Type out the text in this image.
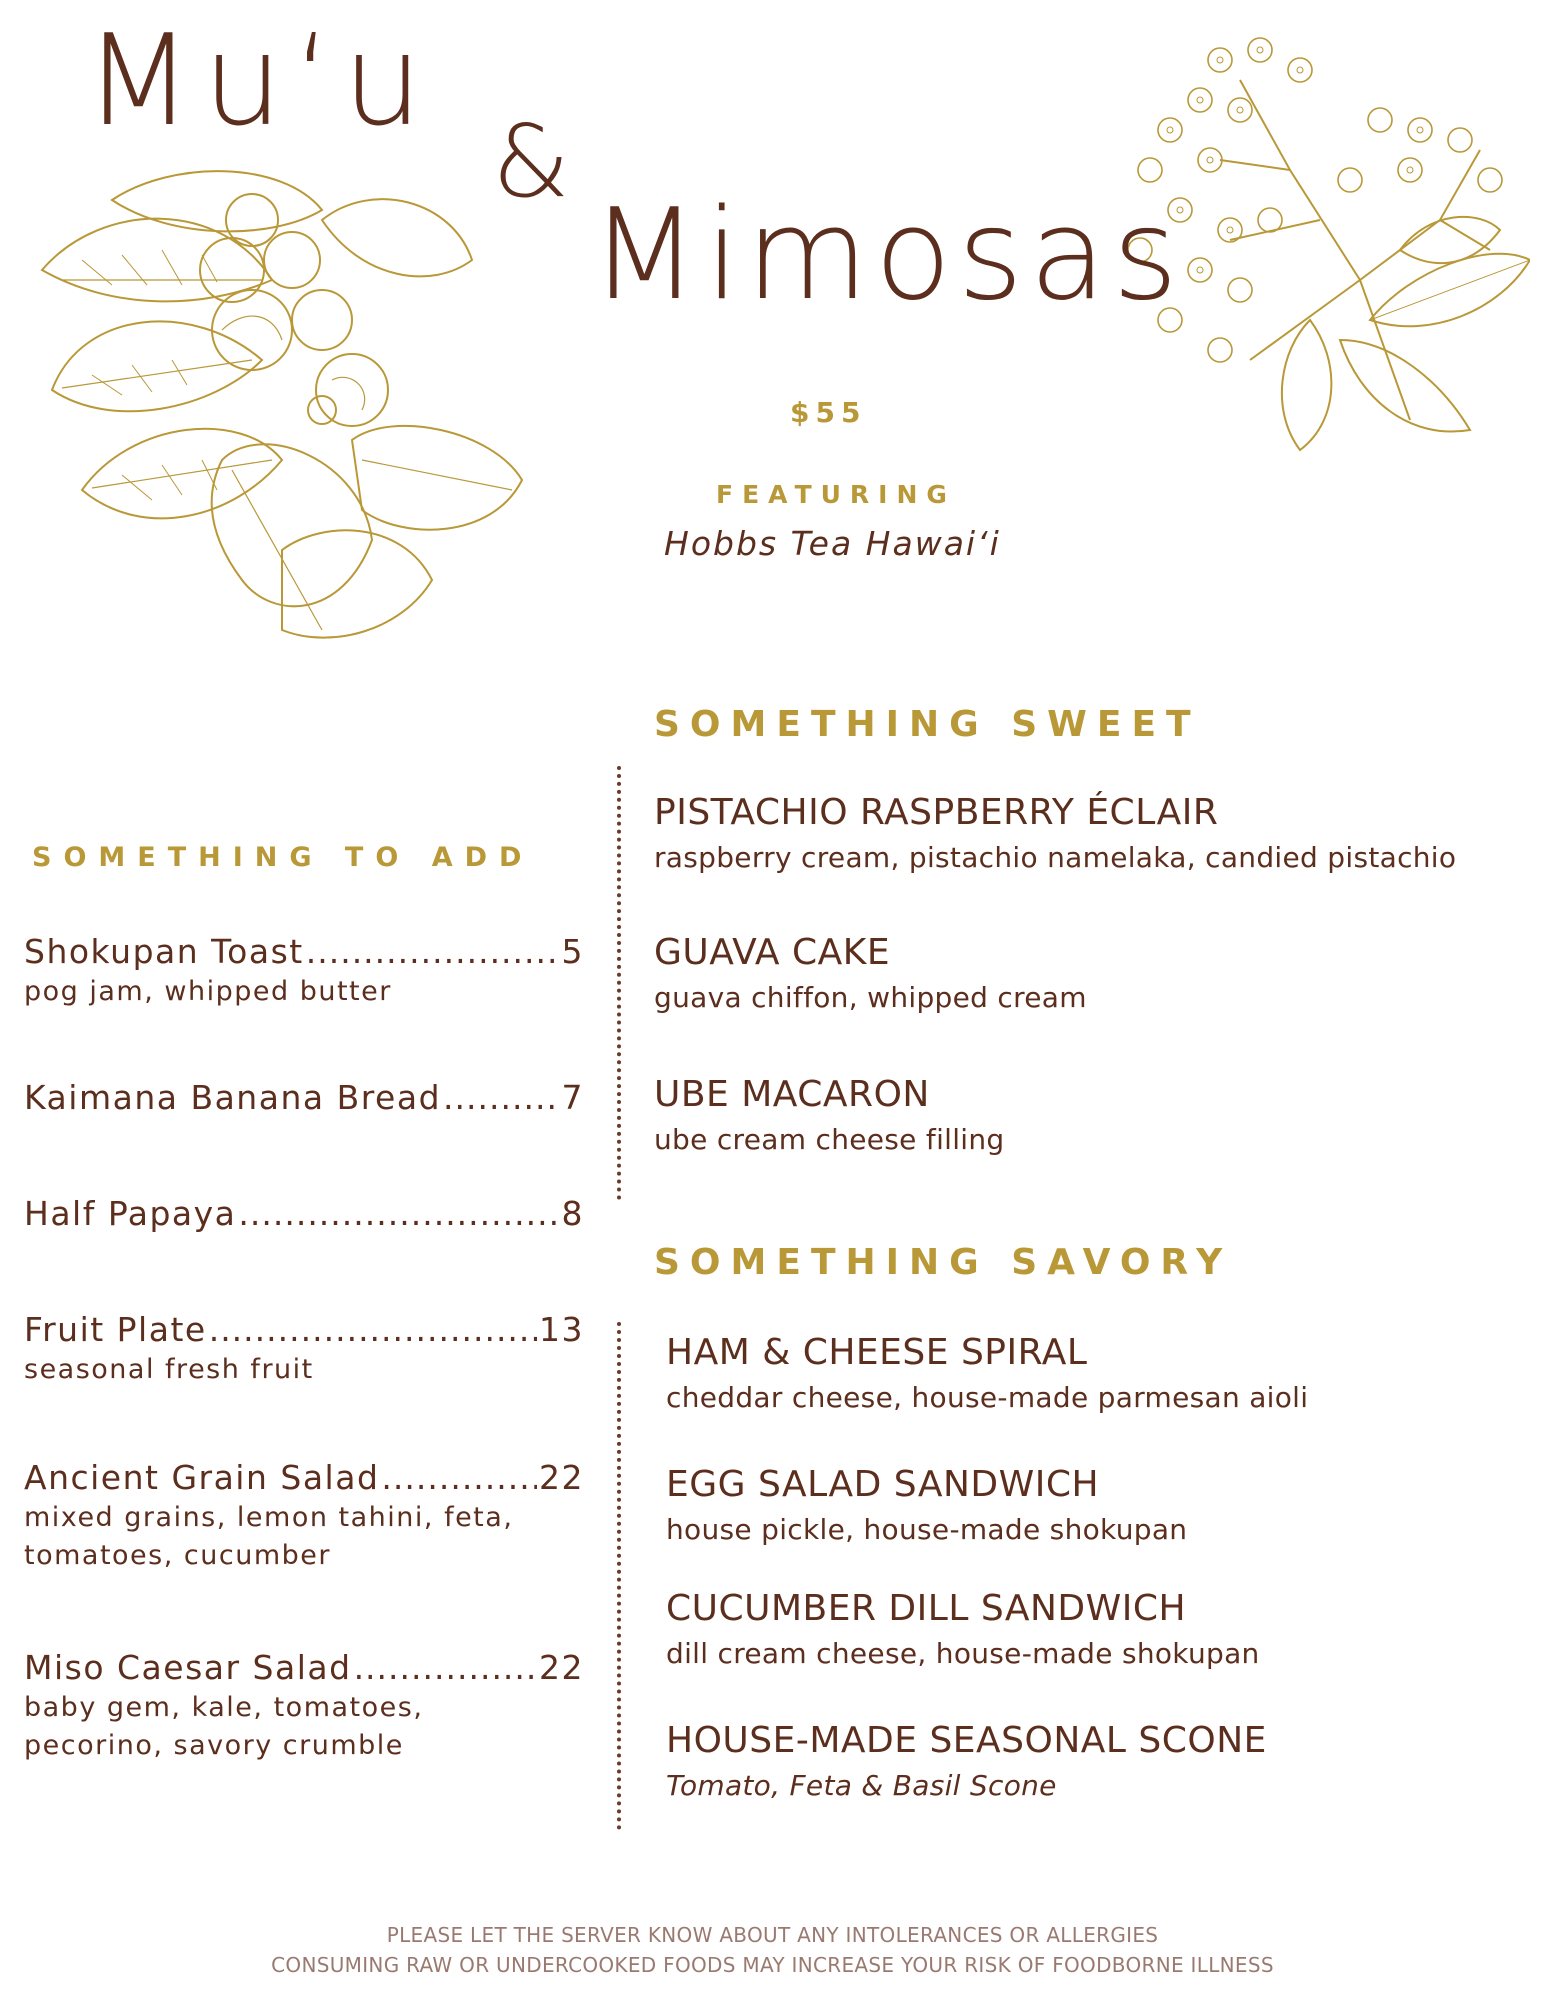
Muʻu
&
Mimosas
$55
FEATURING
Hobbs Tea Hawaiʻi
SOMETHING SWEET
SOMETHING TO ADD
SOMETHING SAVORY
Shokupan Toast .....	5
pog jam, whipped butter
Kaimana Banana Bread .....	7
Half Papaya .....	8
Fruit Plate .....	13
seasonal fresh fruit
Ancient Grain Salad .....	22
mixed grains, lemon tahini, feta,
tomatoes, cucumber
Miso Caesar Salad .....	22
baby gem, kale, tomatoes,
pecorino, savory crumble
PISTACHIO RASPBERRY ÉCLAIR
raspberry cream, pistachio namelaka, candied pistachio
GUAVA CAKE
guava chiffon, whipped cream
UBE MACARON
ube cream cheese filling
HAM & CHEESE SPIRAL
cheddar cheese, house-made parmesan aioli
EGG SALAD SANDWICH
house pickle, house-made shokupan
CUCUMBER DILL SANDWICH
dill cream cheese, house-made shokupan
HOUSE-MADE SEASONAL SCONE
Tomato, Feta & Basil Scone
PLEASE LET THE SERVER KNOW ABOUT ANY INTOLERANCES OR ALLERGIES
CONSUMING RAW OR UNDERCOOKED FOODS MAY INCREASE YOUR RISK OF FOODBORNE ILLNESS
